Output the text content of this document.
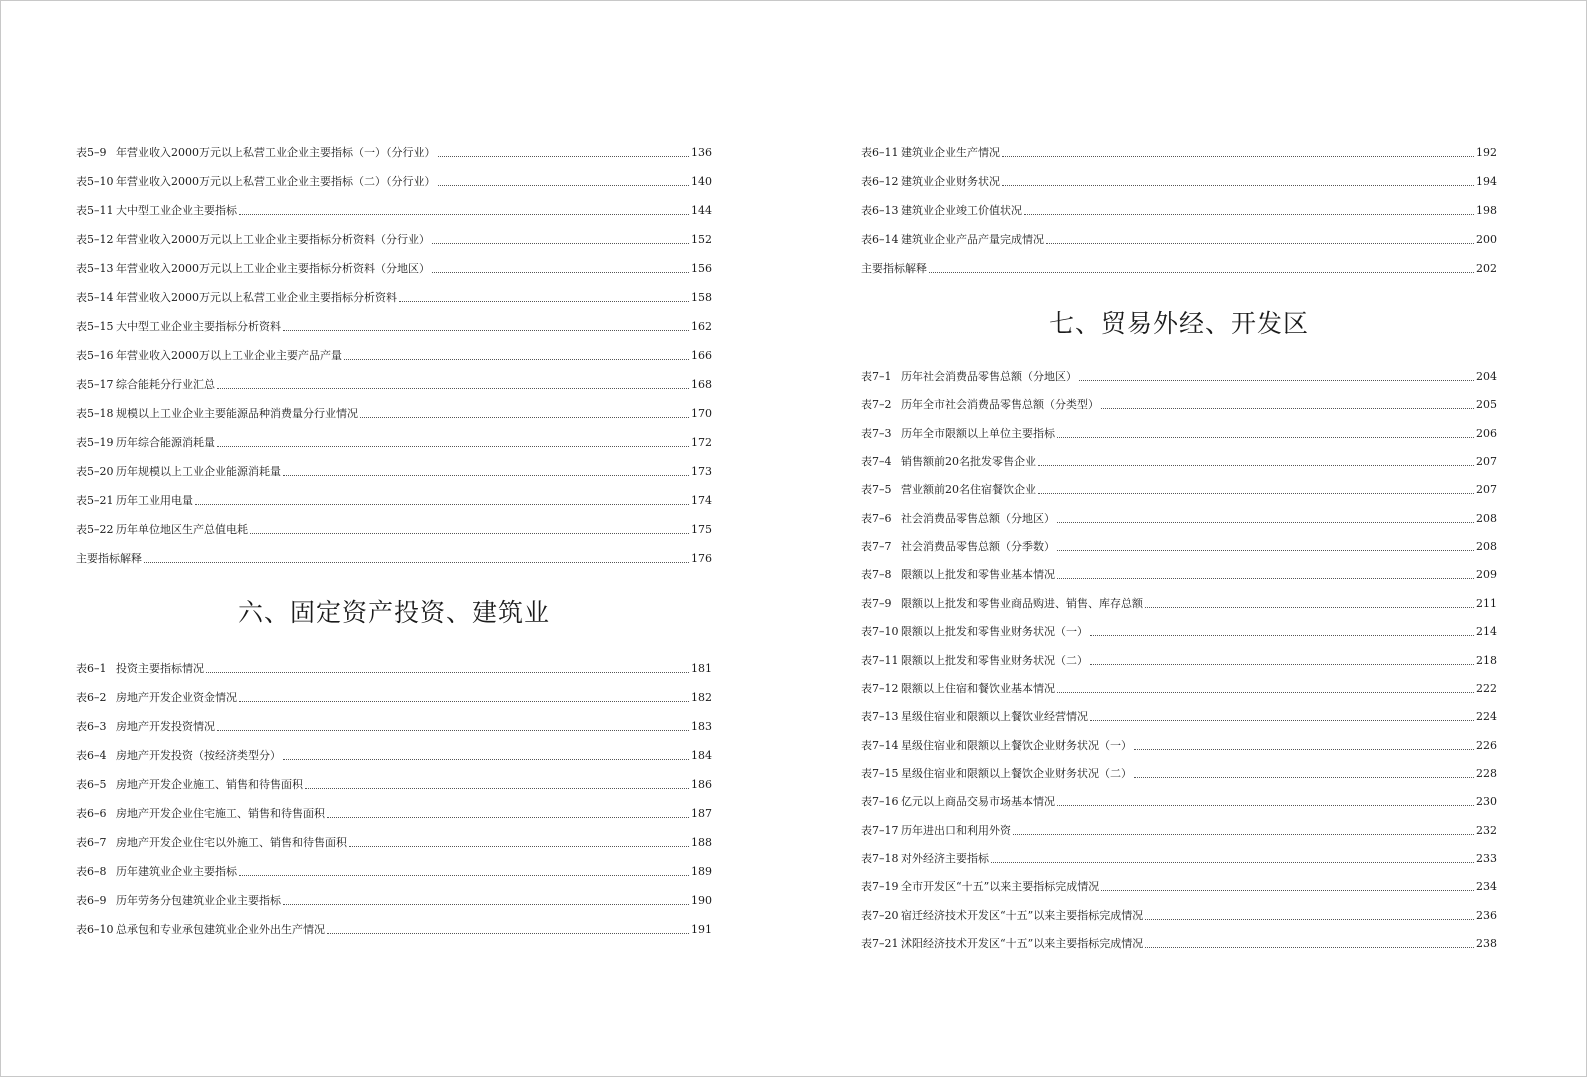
表5–9 年营业收入2000万元以上私营工业企业主要指标（一）（分行业）	136
表5–10 年营业收入2000万元以上私营工业企业主要指标（二）（分行业）	140
表5–11 大中型工业企业主要指标	144
表5–12 年营业收入2000万元以上工业企业主要指标分析资料（分行业）	152
表5–13 年营业收入2000万元以上工业企业主要指标分析资料（分地区）	156
表5–14 年营业收入2000万元以上私营工业企业主要指标分析资料	158
表5–15 大中型工业企业主要指标分析资料	162
表5–16 年营业收入2000万以上工业企业主要产品产量	166
表5–17 综合能耗分行业汇总	168
表5–18 规模以上工业企业主要能源品种消费量分行业情况	170
表5–19 历年综合能源消耗量	172
表5–20 历年规模以上工业企业能源消耗量	173
表5–21 历年工业用电量	174
表5–22 历年单位地区生产总值电耗	175
主要指标解释	176
六、固定资产投资、建筑业
表6–1 投资主要指标情况	181
表6–2 房地产开发企业资金情况	182
表6–3 房地产开发投资情况	183
表6–4 房地产开发投资（按经济类型分）	184
表6–5 房地产开发企业施工、销售和待售面积	186
表6–6 房地产开发企业住宅施工、销售和待售面积	187
表6–7 房地产开发企业住宅以外施工、销售和待售面积	188
表6–8 历年建筑业企业主要指标	189
表6–9 历年劳务分包建筑业企业主要指标	190
表6–10 总承包和专业承包建筑业企业外出生产情况	191
表6–11 建筑业企业生产情况	192
表6–12 建筑业企业财务状况	194
表6–13 建筑业企业竣工价值状况	198
表6–14 建筑业企业产品产量完成情况	200
主要指标解释	202
七、贸易外经、开发区
表7–1 历年社会消费品零售总额（分地区）	204
表7–2 历年全市社会消费品零售总额（分类型）	205
表7–3 历年全市限额以上单位主要指标	206
表7–4 销售额前20名批发零售企业	207
表7–5 营业额前20名住宿餐饮企业	207
表7–6 社会消费品零售总额（分地区）	208
表7–7 社会消费品零售总额（分季数）	208
表7–8 限额以上批发和零售业基本情况	209
表7–9 限额以上批发和零售业商品购进、销售、库存总额	211
表7–10 限额以上批发和零售业财务状况（一）	214
表7–11 限额以上批发和零售业财务状况（二）	218
表7–12 限额以上住宿和餐饮业基本情况	222
表7–13 星级住宿业和限额以上餐饮业经营情况	224
表7–14 星级住宿业和限额以上餐饮企业财务状况（一）	226
表7–15 星级住宿业和限额以上餐饮企业财务状况（二）	228
表7–16 亿元以上商品交易市场基本情况	230
表7–17 历年进出口和利用外资	232
表7–18 对外经济主要指标	233
表7–19 全市开发区“十五”以来主要指标完成情况	234
表7–20 宿迁经济技术开发区“十五”以来主要指标完成情况	236
表7–21 沭阳经济技术开发区“十五”以来主要指标完成情况	238
